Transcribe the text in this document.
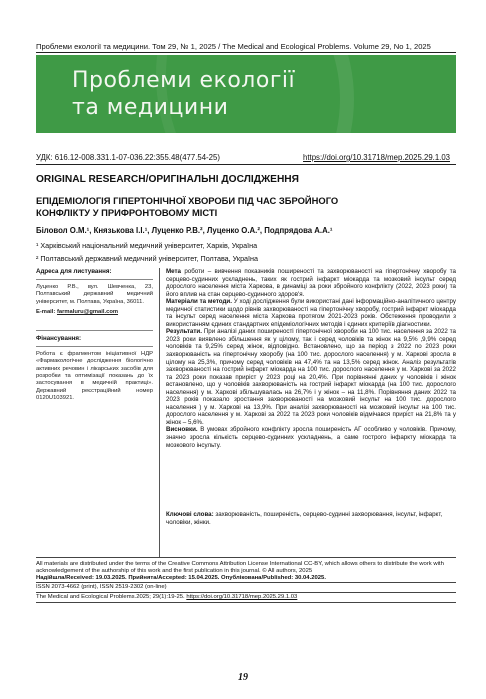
Проблеми екології та медицини. Том 29, № 1, 2025 / The Medical and Ecological Problems. Volume 29, No 1, 2025
Проблеми екології
та медицини
УДК: 616.12-008.331.1-07-036.22:355.48(477.54-25)	https://doi.org/10.31718/mep.2025.29.1.03
ORIGINAL RESEARCH/ОРИГІНАЛЬНІ ДОСЛІДЖЕННЯ
ЕПІДЕМІОЛОГІЯ ГІПЕРТОНІЧНОЇ ХВОРОБИ ПІД ЧАС ЗБРОЙНОГО
КОНФЛІКТУ У ПРИФРОНТОВОМУ МІСТІ
Біловол О.М.¹, Князькова І.І.¹, Луценко Р.В.², Луценко О.А.², Подпрядова А.А.¹
¹ Харківський національний медичний університет, Харків, Україна
² Полтавський державний медичний університет, Полтава, Україна
Адреса для листування:
Луценко Р.В., вул. Шевченка, 23, Полтавський державний медичний університет, м. Полтава, Україна, 36011.
E-mail: farmaluru@gmail.com
Фінансування:
Робота є фрагментом ініціативної НДР «Фармакологічне дослідження біологічно активних речовин і лікарських засобів для розробки та оптимізації показань до їх застосування в медичній практиці». Державний реєстраційний номер 0120U103921.

Мета роботи – вивчення показників поширеності та захворюваності на гіпертонічну хворобу та серцево-судинних ускладнень, таких як гострий інфаркт міокарда та мозковий інсульт серед дорослого населення міста Харкова, в динаміці за роки збройного конфлікту (2022, 2023 роки) та його вплив на стан серцево-судинного здоров'я.

Матеріали та методи. У ході дослідження були використані дані інформаційно-аналітичного центру медичної статистики щодо рівнів захворюваності на гіпертонічну хворобу, гострий інфаркт міокарда та інсульт серед населення міста Харкова протягом 2021-2023 років. Обстеження проводили з використанням єдиних стандартних епідеміологічних методів і єдиних критеріїв діагностики.

Результати. При аналізі даних поширеності гіпертонічної хвороби на 100 тис. населення за 2022 та 2023 роки виявлено збільшення як у цілому, так і серед чоловіків та жінок на 9,5% ,9,9% серед чоловіків та 9,25% серед жінок, відповідно. Встановлено, що за період з 2022 по 2023 роки захворюваність на гіпертонічну хворобу (на 100 тис. дорослого населення) у м. Харкові зросла в цілому на 25,3%, причому серед чоловіків на 47,4% та на 13,5% серед жінок. Аналіз результатів захворюваності на гострий інфаркт міокарда на 100 тис. дорослого населення у м. Харкові за 2022 та 2023 роки показав приріст у 2023 році на 20,4%. При порівнянні даних у чоловіків і жінок встановлено, що у чоловіків захворюваність на гострий інфаркт міокарда (на 100 тис. дорослого населення) у м. Харкові збільшувалась на 26,7% і у жінок – на 11,8%. Порівняння даних 2022 та 2023 років показало зростання захворюваності на мозковий інсульт на 100 тис. дорослого населення ) у м. Харкові на 13,9%. При аналізі захворюваності на мозковий інсульт на 100 тис. дорослого населення у м. Харкові за 2022 та 2023 роки чоловіків відмічався приріст на 21,8% та у жінок – 5,6%.

Висновки. В умовах збройного конфлікту зросла поширеність АГ особливо у чоловіків. Причому, значно зросла кількість серцево-судинних ускладнень, а саме гострого інфаркту міокарда та мозкового інсульту.

Ключові слова: захворюваність, поширеність, серцево-судинні захворювання, інсульт, інфаркт, чоловіки, жінки.
All materials are distributed under the terms of the Creative Commons Attribution License International CC-BY, which allows others to distribute the work with acknowledgement of the authorship of this work and the first publication in this journal. © All authors, 2025
Надійшла/Received: 19.03.2025. Прийнята/Accepted: 15.04.2025. Опублікована/Published: 30.04.2025.
ISSN 2073-4662 (print), ISSN 2519-2302 (on-line)
The Medical and Ecological Problems.2025; 29(1):19-25. https://doi.org/10.31718/mep.2025.29.1.03
19
